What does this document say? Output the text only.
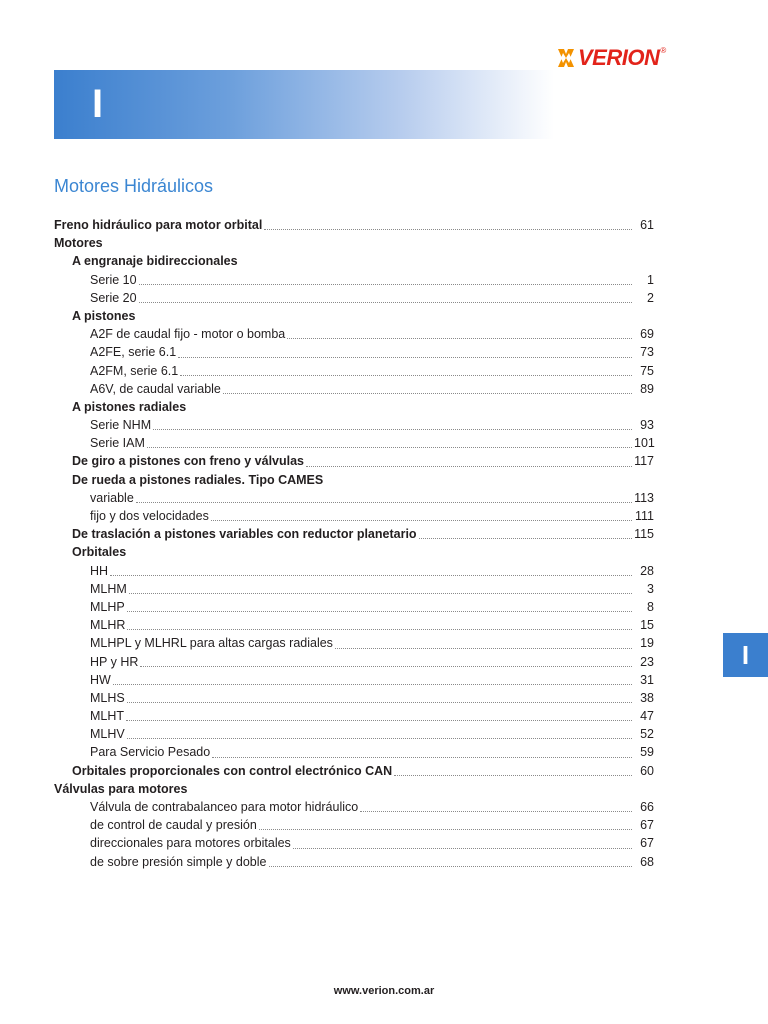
VERION ®
I
Motores Hidráulicos
Freno hidráulico para motor orbital	61
Motores
A engranaje bidireccionales
Serie 10	1
Serie 20	2
A pistones
A2F de caudal fijo - motor o bomba	69
A2FE, serie 6.1	73
A2FM, serie 6.1	75
A6V, de caudal variable	89
A pistones radiales
Serie NHM	93
Serie IAM	101
De giro a pistones con freno y válvulas	117
De rueda a pistones radiales. Tipo CAMES
variable	113
fijo y dos velocidades	111
De traslación a pistones variables con reductor planetario	115
Orbitales
HH	28
MLHM	3
MLHP	8
MLHR	15
MLHPL y MLHRL para altas cargas radiales	19
HP y HR	23
HW	31
MLHS	38
MLHT	47
MLHV	52
Para Servicio Pesado	59
Orbitales proporcionales con control electrónico CAN	60
Válvulas para motores
Válvula de contrabalanceo para motor hidráulico	66
de control de caudal y presión	67
direccionales para motores orbitales	67
de sobre presión simple y doble	68
I
www.verion.com.ar
